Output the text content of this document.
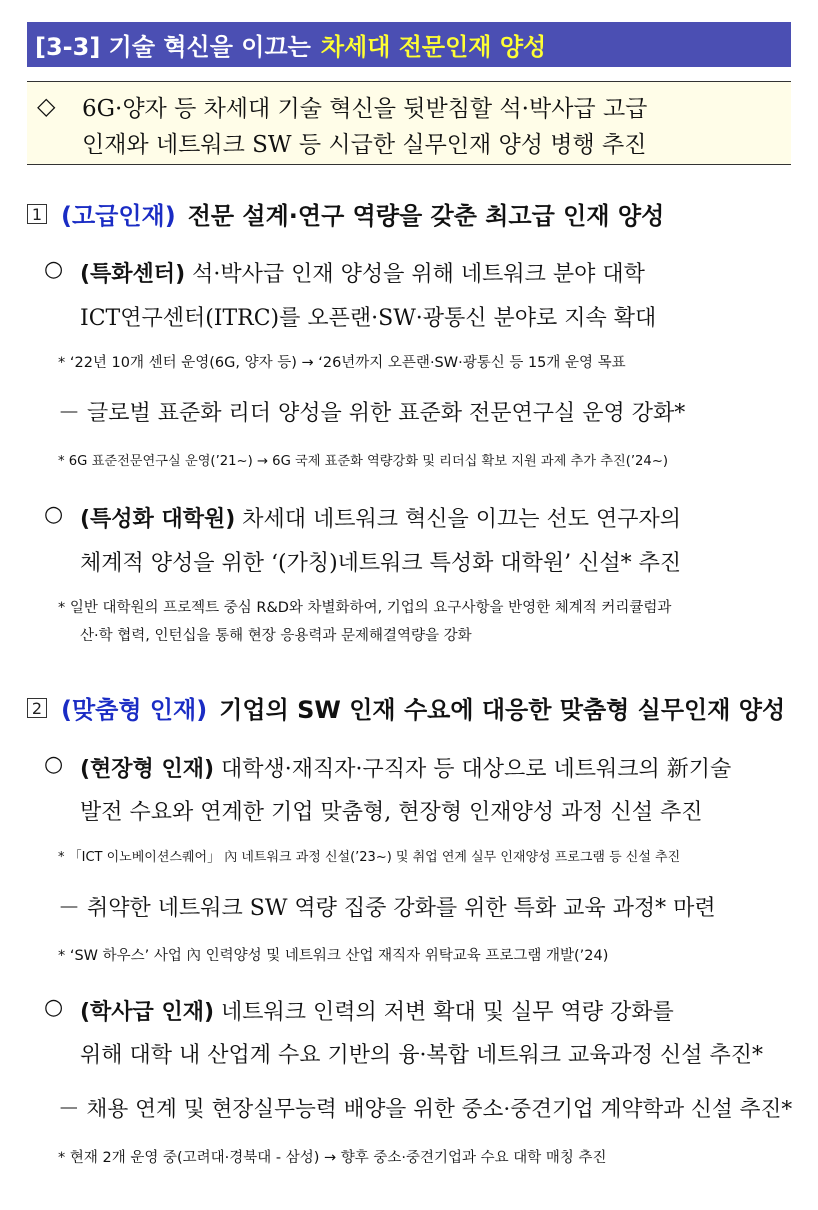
[3-3] 기술 혁신을 이끄는 차세대 전문인재 양성
◇ 6G·양자 등 차세대 기술 혁신을 뒷받침할 석·박사급 고급
인재와 네트워크 SW 등 시급한 실무인재 양성 병행 추진
1 (고급인재) 전문 설계·연구 역량을 갖춘 최고급 인재 양성
○ (특화센터) 석·박사급 인재 양성을 위해 네트워크 분야 대학
ICT연구센터(ITRC)를 오픈랜·SW·광통신 분야로 지속 확대
* ‘22년 10개 센터 운영(6G, 양자 등) → ‘26년까지 오픈랜·SW·광통신 등 15개 운영 목표
－ 글로벌 표준화 리더 양성을 위한 표준화 전문연구실 운영 강화*
* 6G 표준전문연구실 운영(’21~) → 6G 국제 표준화 역량강화 및 리더십 확보 지원 과제 추가 추진(’24~)
○ (특성화 대학원) 차세대 네트워크 혁신을 이끄는 선도 연구자의
체계적 양성을 위한 ‘(가칭)네트워크 특성화 대학원’ 신설* 추진
* 일반 대학원의 프로젝트 중심 R&D와 차별화하여, 기업의 요구사항을 반영한 체계적 커리큘럼과
산·학 협력, 인턴십을 통해 현장 응용력과 문제해결역량을 강화
2 (맞춤형 인재) 기업의 SW 인재 수요에 대응한 맞춤형 실무인재 양성
○ (현장형 인재) 대학생·재직자·구직자 등 대상으로 네트워크의 新기술
발전 수요와 연계한 기업 맞춤형, 현장형 인재양성 과정 신설 추진
* 「ICT 이노베이션스퀘어」 內 네트워크 과정 신설(’23~) 및 취업 연계 실무 인재양성 프로그램 등 신설 추진
－ 취약한 네트워크 SW 역량 집중 강화를 위한 특화 교육 과정* 마련
* ‘SW 하우스’ 사업 內 인력양성 및 네트워크 산업 재직자 위탁교육 프로그램 개발(’24)
○ (학사급 인재) 네트워크 인력의 저변 확대 및 실무 역량 강화를
위해 대학 내 산업계 수요 기반의 융·복합 네트워크 교육과정 신설 추진*
－ 채용 연계 및 현장실무능력 배양을 위한 중소·중견기업 계약학과 신설 추진*
* 현재 2개 운영 중(고려대·경북대 - 삼성) → 향후 중소·중견기업과 수요 대학 매칭 추진
